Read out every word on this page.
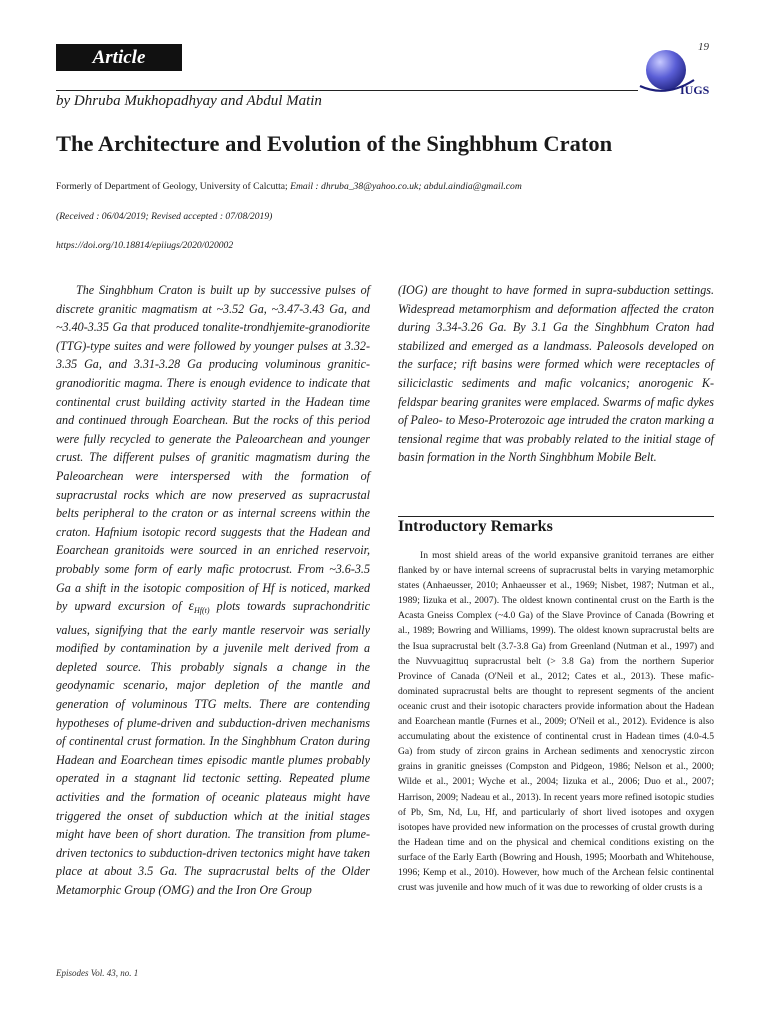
Article	19
IUGS
by Dhruba Mukhopadhyay and Abdul Matin
The Architecture and Evolution of the Singhbhum Craton
Formerly of Department of Geology, University of Calcutta; Email : dhruba_38@yahoo.co.uk; abdul.aindia@gmail.com
(Received : 06/04/2019; Revised accepted : 07/08/2019)
https://doi.org/10.18814/epiiugs/2020/020002

The Singhbhum Craton is built up by successive pulses of discrete granitic magmatism at ~3.52 Ga, ~3.47-3.43 Ga, and ~3.40-3.35 Ga that produced tonalite-trondhjemite-granodiorite (TTG)-type suites and were followed by younger pulses at 3.32-3.35 Ga, and 3.31-3.28 Ga producing voluminous granitic-granodioritic magma. There is enough evidence to indicate that continental crust building activity started in the Hadean time and continued through Eoarchean. But the rocks of this period were fully recycled to generate the Paleoarchean and younger crust. The different pulses of granitic magmatism during the Paleoarchean were interspersed with the formation of supracrustal rocks which are now preserved as supracrustal belts peripheral to the craton or as internal screens within the craton. Hafnium isotopic record suggests that the Hadean and Eoarchean granitoids were sourced in an enriched reservoir, probably some form of early mafic protocrust. From ~3.6-3.5 Ga a shift in the isotopic composition of Hf is noticed, marked by upward excursion of $\varepsilon_{Hf(t)}$ plots towards suprachondritic values, signifying that the early mantle reservoir was serially modified by contamination by a juvenile melt derived from a depleted source. This probably signals a change in the geodynamic scenario, major depletion of the mantle and generation of voluminous TTG melts. There are contending hypotheses of plume-driven and subduction-driven mechanisms of continental crust formation. In the Singhbhum Craton during Hadean and Eoarchean times episodic mantle plumes probably operated in a stagnant lid tectonic setting. Repeated plume activities and the formation of oceanic plateaus might have triggered the onset of subduction which at the initial stages might have been of short duration. The transition from plume-driven tectonics to subduction-driven tectonics might have taken place at about 3.5 Ga. The supracrustal belts of the Older Metamorphic Group (OMG) and the Iron Ore Group

(IOG) are thought to have formed in supra-subduction settings. Widespread metamorphism and deformation affected the craton during 3.34-3.26 Ga. By 3.1 Ga the Singhbhum Craton had stabilized and emerged as a landmass. Paleosols developed on the surface; rift basins were formed which were receptacles of siliciclastic sediments and mafic volcanics; anorogenic K-feldspar bearing granites were emplaced. Swarms of mafic dykes of Paleo- to Meso-Proterozoic age intruded the craton marking a tensional regime that was probably related to the initial stage of basin formation in the North Singhbhum Mobile Belt.

Introductory Remarks

In most shield areas of the world expansive granitoid terranes are either flanked by or have internal screens of supracrustal belts in varying metamorphic states (Anhaeusser, 2010; Anhaeusser et al., 1969; Nisbet, 1987; Nutman et al., 1989; Iizuka et al., 2007). The oldest known continental crust on the Earth is the Acasta Gneiss Complex (~4.0 Ga) of the Slave Province of Canada (Bowring et al., 1989; Bowring and Williams, 1999). The oldest known supracrustal belts are the Isua supracrustal belt (3.7-3.8 Ga) from Greenland (Nutman et al., 1997) and the Nuvvuagittuq supracrustal belt (> 3.8 Ga) from the northern Superior Province of Canada (O'Neil et al., 2012; Cates et al., 2013). These mafic-dominated supracrustal belts are thought to represent segments of the ancient oceanic crust and their isotopic characters provide information about the Hadean and Eoarchean mantle (Furnes et al., 2009; O'Neil et al., 2012). Evidence is also accumulating about the existence of continental crust in Hadean times (4.0-4.5 Ga) from study of zircon grains in Archean sediments and xenocrystic zircon grains in granitic gneisses (Compston and Pidgeon, 1986; Nelson et al., 2000; Wilde et al., 2001; Wyche et al., 2004; Iizuka et al., 2006; Duo et al., 2007; Harrison, 2009; Nadeau et al., 2013). In recent years more refined isotopic studies of Pb, Sm, Nd, Lu, Hf, and particularly of short lived isotopes and oxygen isotopes have provided new information on the processes of crustal growth during the Hadean time and on the physical and chemical conditions existing on the surface of the Early Earth (Bowring and Housh, 1995; Moorbath and Whitehouse, 1996; Kemp et al., 2010). However, how much of the Archean felsic continental crust was juvenile and how much of it was due to reworking of older crusts is a

Episodes Vol. 43, no. 1
